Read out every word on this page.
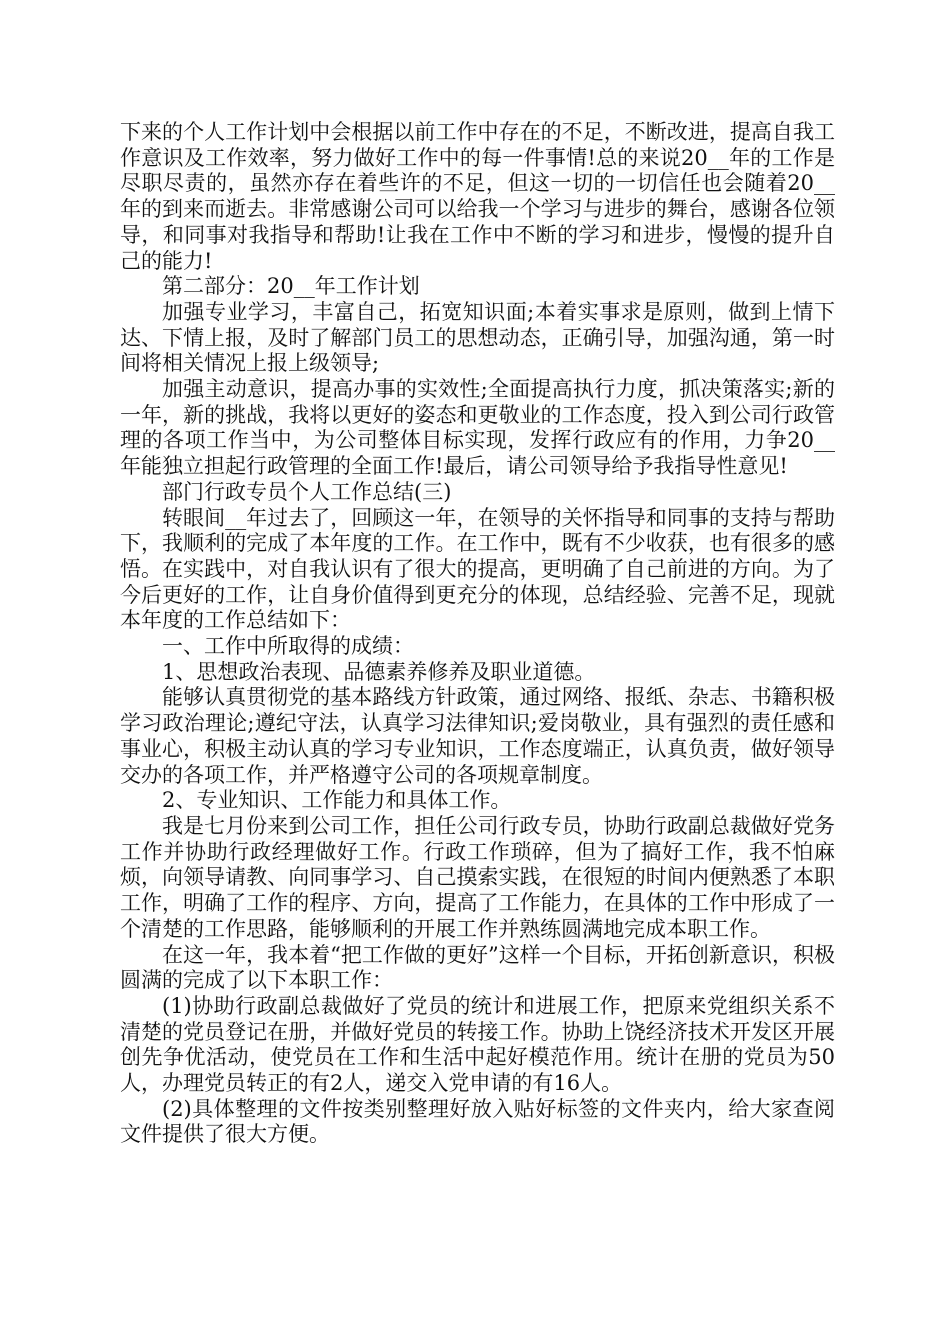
下来的个人工作计划中会根据以前工作中存在的不足，不断改进，提高自我工作意识及工作效率，努力做好工作中的每一件事情!总的来说20__年的工作是尽职尽责的，虽然亦存在着些许的不足，但这一切的一切信任也会随着20__年的到来而逝去。非常感谢公司可以给我一个学习与进步的舞台，感谢各位领导，和同事对我指导和帮助!让我在工作中不断的学习和进步，慢慢的提升自己的能力!

第二部分：20__年工作计划

加强专业学习，丰富自己，拓宽知识面;本着实事求是原则，做到上情下达、下情上报，及时了解部门员工的思想动态，正确引导，加强沟通，第一时间将相关情况上报上级领导;

加强主动意识，提高办事的实效性;全面提高执行力度，抓决策落实;新的一年，新的挑战，我将以更好的姿态和更敬业的工作态度，投入到公司行政管理的各项工作当中，为公司整体目标实现，发挥行政应有的作用，力争20__年能独立担起行政管理的全面工作!最后，请公司领导给予我指导性意见!

部门行政专员个人工作总结(三)

转眼间__年过去了，回顾这一年，在领导的关怀指导和同事的支持与帮助下，我顺利的完成了本年度的工作。在工作中，既有不少收获，也有很多的感悟。在实践中，对自我认识有了很大的提高，更明确了自己前进的方向。为了今后更好的工作，让自身价值得到更充分的体现，总结经验、完善不足，现就本年度的工作总结如下：

一、工作中所取得的成绩：

1、思想政治表现、品德素养修养及职业道德。

能够认真贯彻党的基本路线方针政策，通过网络、报纸、杂志、书籍积极学习政治理论;遵纪守法，认真学习法律知识;爱岗敬业，具有强烈的责任感和事业心，积极主动认真的学习专业知识，工作态度端正，认真负责，做好领导交办的各项工作，并严格遵守公司的各项规章制度。

2、专业知识、工作能力和具体工作。

我是七月份来到公司工作，担任公司行政专员，协助行政副总裁做好党务工作并协助行政经理做好工作。行政工作琐碎，但为了搞好工作，我不怕麻烦，向领导请教、向同事学习、自己摸索实践，在很短的时间内便熟悉了本职工作，明确了工作的程序、方向，提高了工作能力，在具体的工作中形成了一个清楚的工作思路，能够顺利的开展工作并熟练圆满地完成本职工作。

在这一年，我本着“把工作做的更好”这样一个目标，开拓创新意识，积极圆满的完成了以下本职工作：

(1)协助行政副总裁做好了党员的统计和进展工作，把原来党组织关系不清楚的党员登记在册，并做好党员的转接工作。协助上饶经济技术开发区开展创先争优活动，使党员在工作和生活中起好模范作用。统计在册的党员为50人，办理党员转正的有2人，递交入党申请的有16人。

(2)具体整理的文件按类别整理好放入贴好标签的文件夹内，给大家查阅文件提供了很大方便。
